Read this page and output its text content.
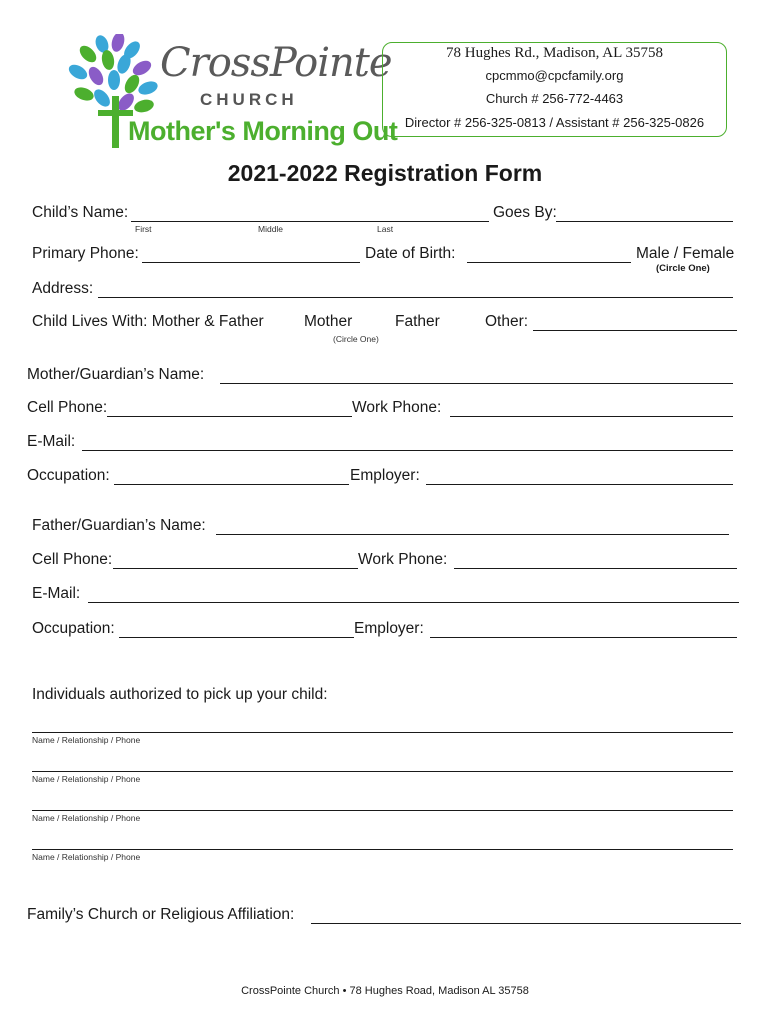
CrossPointe
CHURCH
Mother's Morning Out
78 Hughes Rd., Madison, AL 35758
cpcmmo@cpcfamily.org
Church # 256-772-4463
Director # 256-325-0813 / Assistant # 256-325-0826
2021-2022 Registration Form
Child’s Name:
First	Middle	Last
Goes By:
Primary Phone:	Date of Birth:	Male / Female
(Circle One)
Address:
Child Lives With: Mother & Father	Mother	Father	Other:
(Circle One)
Mother/Guardian’s Name:
Cell Phone:	Work Phone:
E-Mail:
Occupation:	Employer:
Father/Guardian’s Name:
Cell Phone:	Work Phone:
E-Mail:
Occupation:	Employer:
Individuals authorized to pick up your child:
Name / Relationship / Phone
Name / Relationship / Phone
Name / Relationship / Phone
Name / Relationship / Phone
Family’s Church or Religious Affiliation:
CrossPointe Church • 78 Hughes Road, Madison AL 35758
